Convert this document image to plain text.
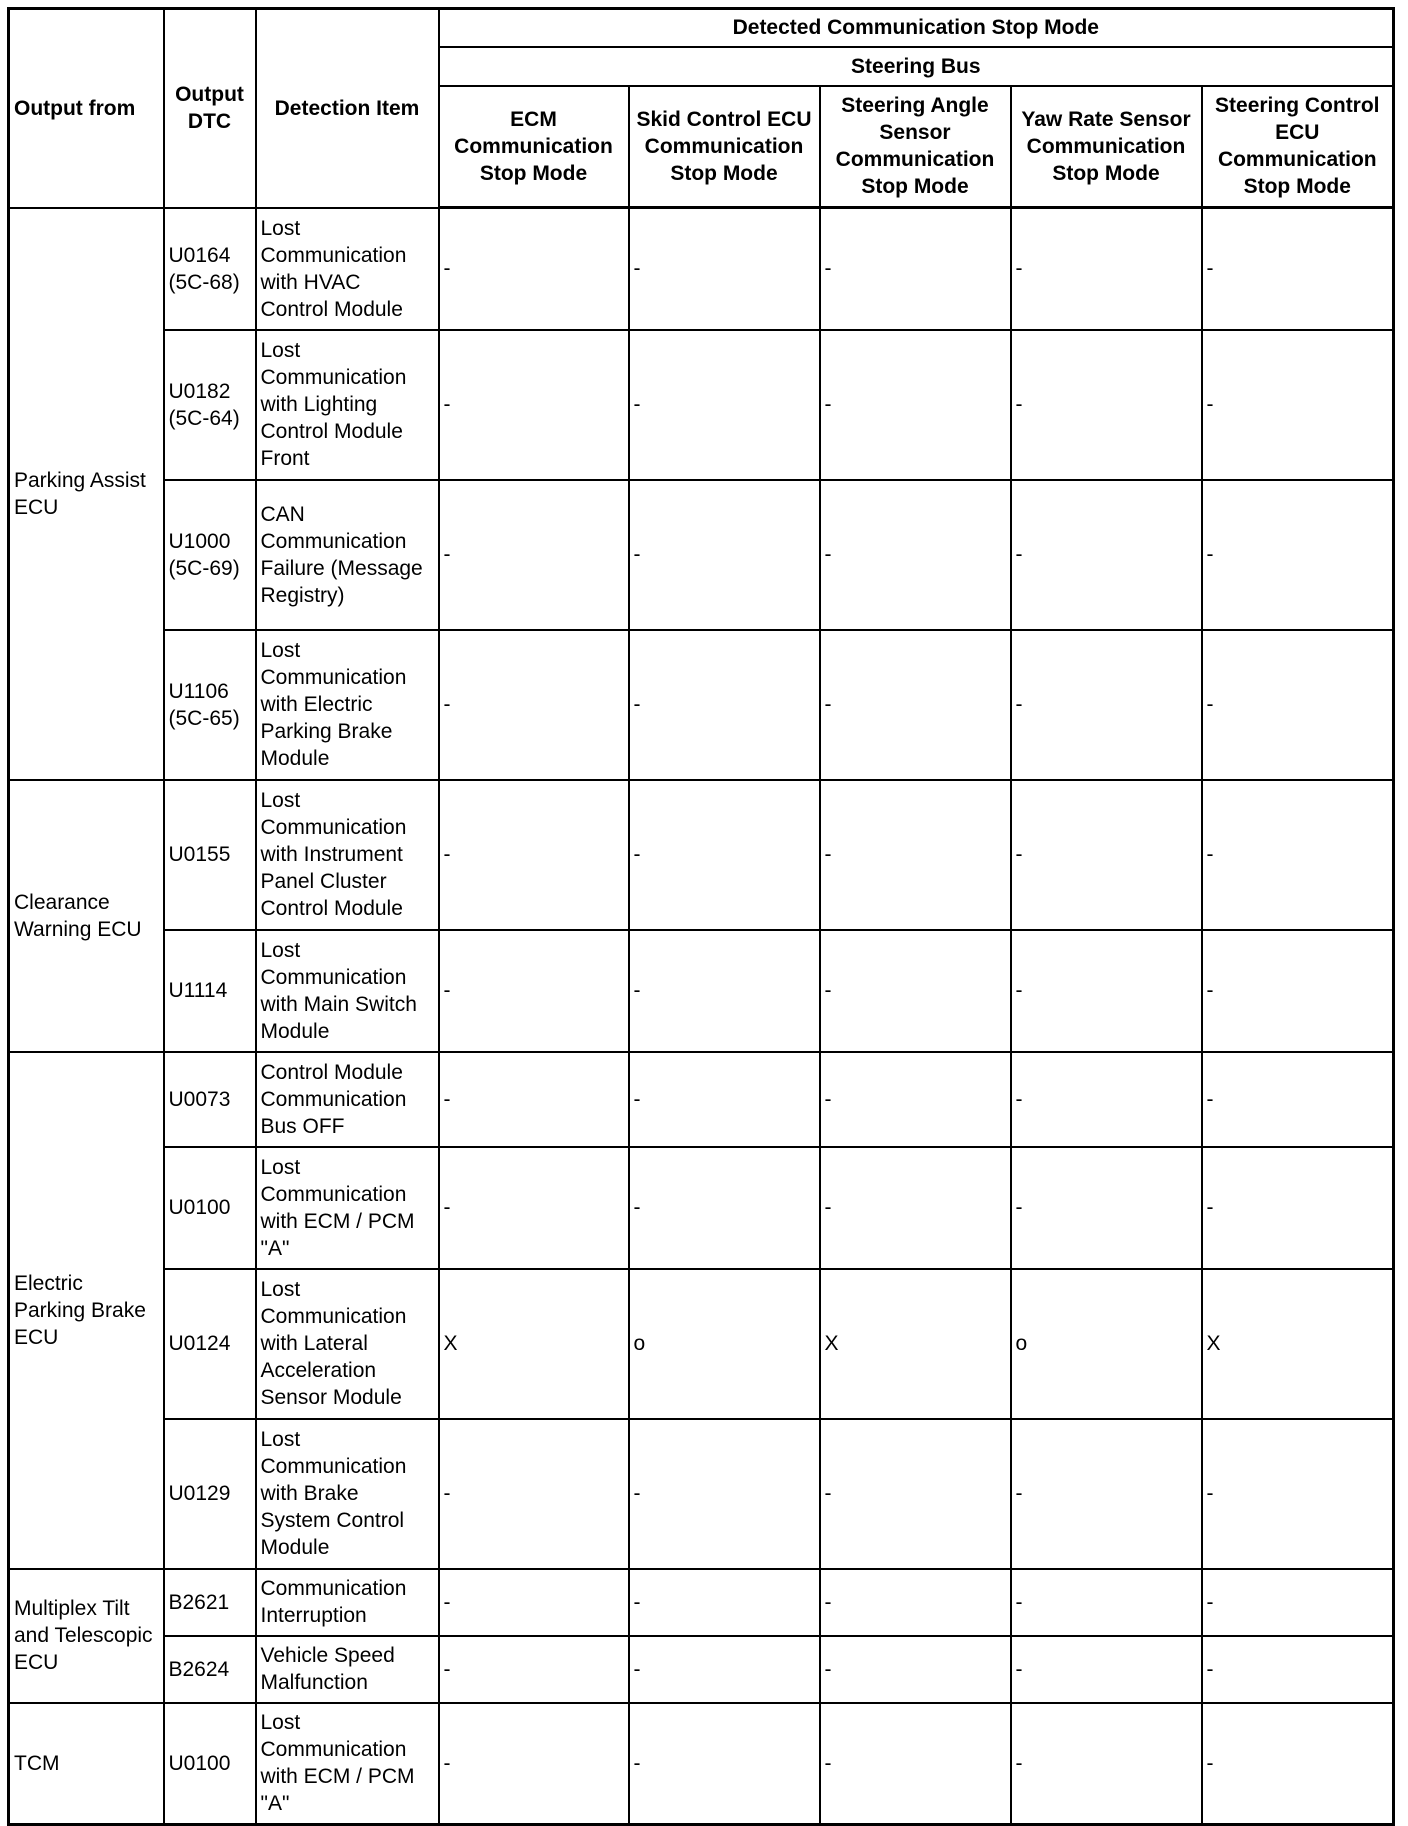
Output from	Output DTC	Detection Item	Detected Communication Stop Mode				
			Steering Bus				
			ECM Communication Stop Mode	Skid Control ECU Communication Stop Mode	Steering Angle Sensor Communication Stop Mode	Yaw Rate Sensor Communication Stop Mode	Steering Control ECU Communication Stop Mode
Parking Assist ECU	U0164 (5C-68)	Lost Communication with HVAC Control Module	-	-	-	-	-
	U0182 (5C-64)	Lost Communication with Lighting Control Module Front	-	-	-	-	-
	U1000 (5C-69)	CAN Communication Failure (Message Registry)	-	-	-	-	-
	U1106 (5C-65)	Lost Communication with Electric Parking Brake Module	-	-	-	-	-
Clearance Warning ECU	U0155	Lost Communication with Instrument Panel Cluster Control Module	-	-	-	-	-
	U1114	Lost Communication with Main Switch Module	-	-	-	-	-
Electric Parking Brake ECU	U0073	Control Module Communication Bus OFF	-	-	-	-	-
	U0100	Lost Communication with ECM / PCM "A"	-	-	-	-	-
	U0124	Lost Communication with Lateral Acceleration Sensor Module	X	o	X	o	X
	U0129	Lost Communication with Brake System Control Module	-	-	-	-	-
Multiplex Tilt and Telescopic ECU	B2621	Communication Interruption	-	-	-	-	-
	B2624	Vehicle Speed Malfunction	-	-	-	-	-
TCM	U0100	Lost Communication with ECM / PCM "A"	-	-	-	-	-
